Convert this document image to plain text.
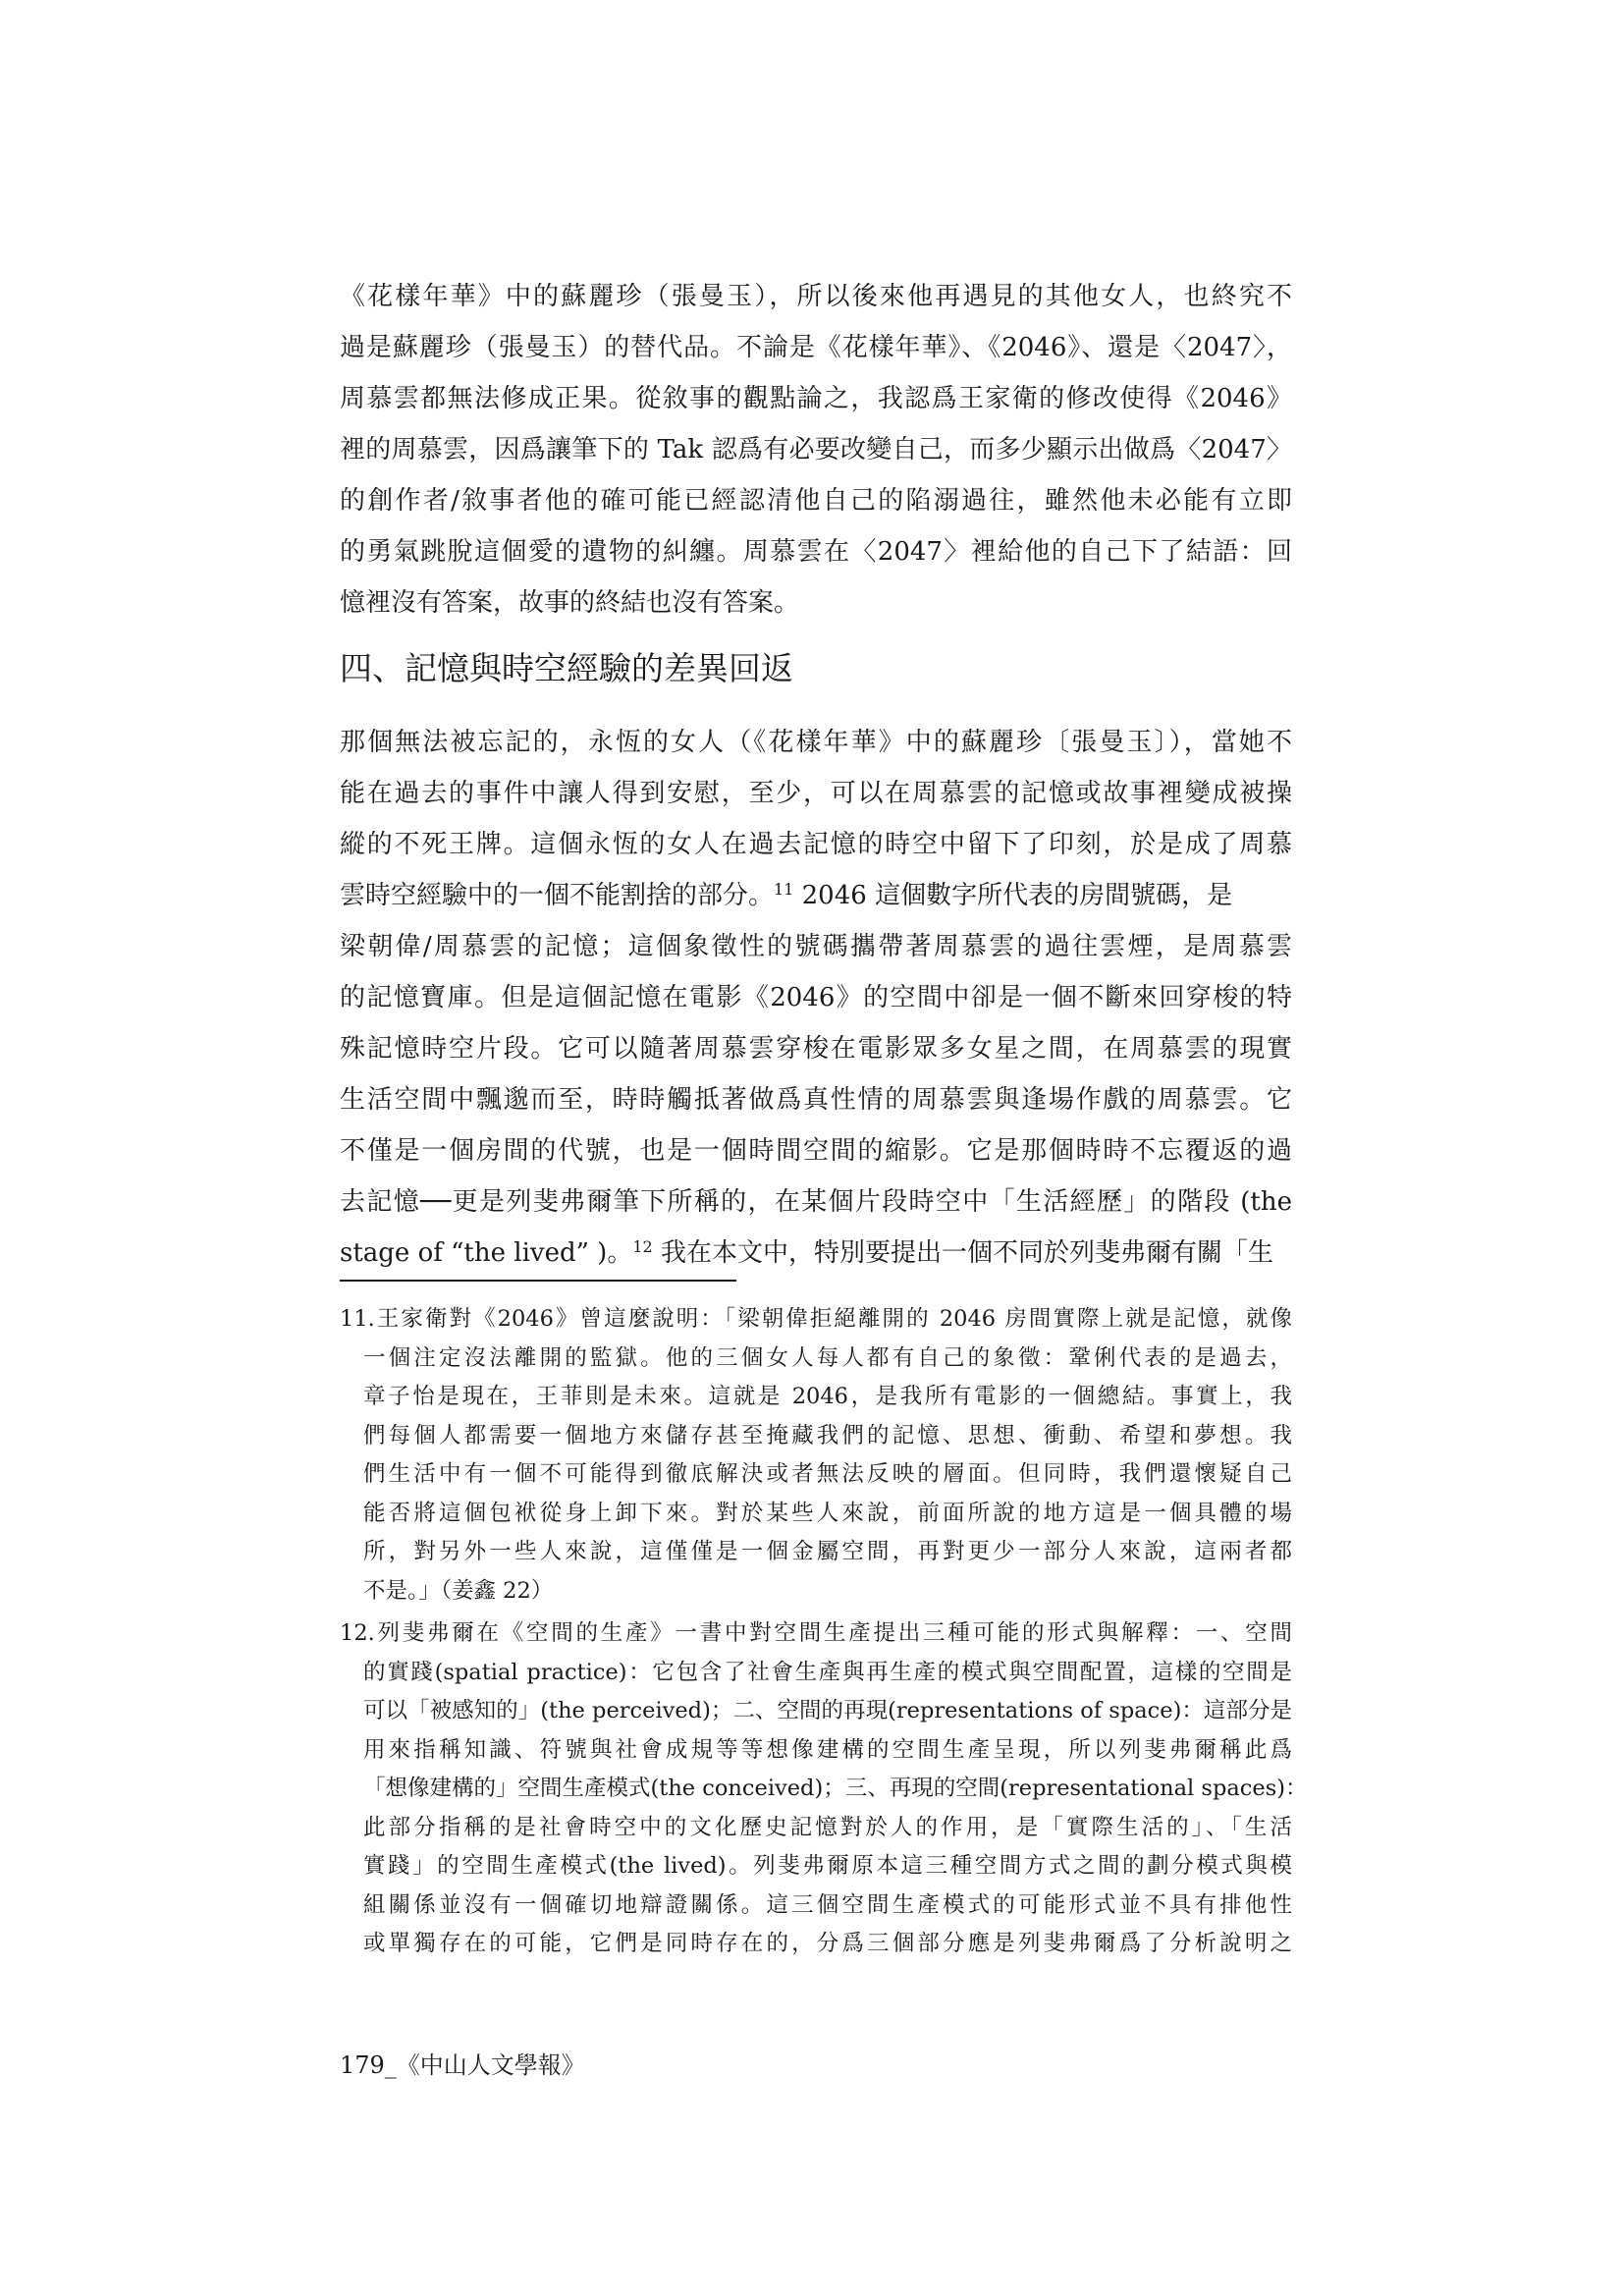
《花樣年華》中的蘇麗珍（張曼玉），所以後來他再遇見的其他女人，也終究不
過是蘇麗珍（張曼玉）的替代品。不論是《花樣年華》、《2046》、還是〈2047〉，
周慕雲都無法修成正果。從敘事的觀點論之，我認爲王家衛的修改使得《2046》
裡的周慕雲，因爲讓筆下的 Tak 認爲有必要改變自己，而多少顯示出做爲〈2047〉
的創作者/敘事者他的確可能已經認清他自己的陷溺過往，雖然他未必能有立即
的勇氣跳脫這個愛的遺物的糾纏。周慕雲在〈2047〉裡給他的自己下了結語：回
憶裡沒有答案，故事的終結也沒有答案。
四、記憶與時空經驗的差異回返
那個無法被忘記的，永恆的女人（《花樣年華》中的蘇麗珍〔張曼玉〕），當她不
能在過去的事件中讓人得到安慰，至少，可以在周慕雲的記憶或故事裡變成被操
縱的不死王牌。這個永恆的女人在過去記憶的時空中留下了印刻，於是成了周慕
雲時空經驗中的一個不能割捨的部分。$^{11}$ 2046 這個數字所代表的房間號碼，是
梁朝偉/周慕雲的記憶；這個象徵性的號碼攜帶著周慕雲的過往雲煙，是周慕雲
的記憶寶庫。但是這個記憶在電影《2046》的空間中卻是一個不斷來回穿梭的特
殊記憶時空片段。它可以隨著周慕雲穿梭在電影眾多女星之間，在周慕雲的現實
生活空間中飄邈而至，時時觸抵著做爲真性情的周慕雲與逢場作戲的周慕雲。它
不僅是一個房間的代號，也是一個時間空間的縮影。它是那個時時不忘覆返的過
去記憶──更是列斐弗爾筆下所稱的，在某個片段時空中「生活經歷」的階段 (the
stage of “the lived” )。$^{12}$ 我在本文中，特別要提出一個不同於列斐弗爾有關「生
11.王家衛對《2046》曾這麼說明：「梁朝偉拒絕離開的 2046 房間實際上就是記憶，就像
一個注定沒法離開的監獄。他的三個女人每人都有自己的象徵：鞏俐代表的是過去，
章子怡是現在，王菲則是未來。這就是 2046，是我所有電影的一個總結。事實上，我
們每個人都需要一個地方來儲存甚至掩藏我們的記憶、思想、衝動、希望和夢想。我
們生活中有一個不可能得到徹底解決或者無法反映的層面。但同時，我們還懷疑自己
能否將這個包袱從身上卸下來。對於某些人來說，前面所說的地方這是一個具體的場
所，對另外一些人來說，這僅僅是一個金屬空間，再對更少一部分人來說，這兩者都
不是。」（姜鑫 22）
12.列斐弗爾在《空間的生產》一書中對空間生產提出三種可能的形式與解釋：一、空間
的實踐(spatial practice)：它包含了社會生產與再生產的模式與空間配置，這樣的空間是
可以「被感知的」(the perceived)；二、空間的再現(representations of space)：這部分是
用來指稱知識、符號與社會成規等等想像建構的空間生產呈現，所以列斐弗爾稱此爲
「想像建構的」空間生產模式(the conceived)；三、再現的空間(representational spaces)：
此部分指稱的是社會時空中的文化歷史記憶對於人的作用，是「實際生活的」、「生活
實踐」的空間生產模式(the lived)。列斐弗爾原本這三種空間方式之間的劃分模式與模
組關係並沒有一個確切地辯證關係。這三個空間生產模式的可能形式並不具有排他性
或單獨存在的可能，它們是同時存在的，分爲三個部分應是列斐弗爾爲了分析說明之
179_《中山人文學報》
